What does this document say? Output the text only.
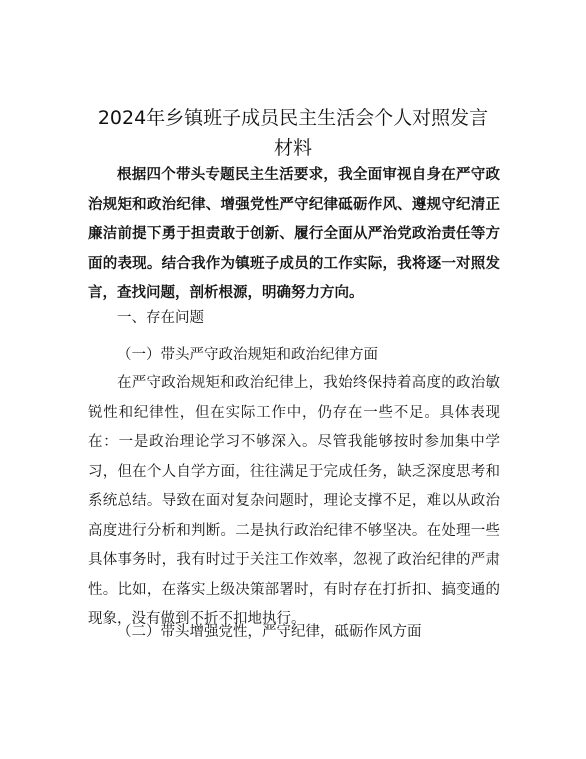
2024年乡镇班子成员民主生活会个人对照发言
材料

根据四个带头专题民主生活要求，我全面审视自身在严守政治规矩和政治纪律、增强党性严守纪律砥砺作风、遵规守纪清正廉洁前提下勇于担责敢于创新、履行全面从严治党政治责任等方面的表现。结合我作为镇班子成员的工作实际，我将逐一对照发言，查找问题，剖析根源，明确努力方向。

一、存在问题

（一）带头严守政治规矩和政治纪律方面

在严守政治规矩和政治纪律上，我始终保持着高度的政治敏锐性和纪律性，但在实际工作中，仍存在一些不足。具体表现在：一是政治理论学习不够深入。尽管我能够按时参加集中学习，但在个人自学方面，往往满足于完成任务，缺乏深度思考和系统总结。导致在面对复杂问题时，理论支撑不足，难以从政治高度进行分析和判断。二是执行政治纪律不够坚决。在处理一些具体事务时，我有时过于关注工作效率，忽视了政治纪律的严肃性。比如，在落实上级决策部署时，有时存在打折扣、搞变通的现象，没有做到不折不扣地执行。

（二）带头增强党性，严守纪律，砥砺作风方面
